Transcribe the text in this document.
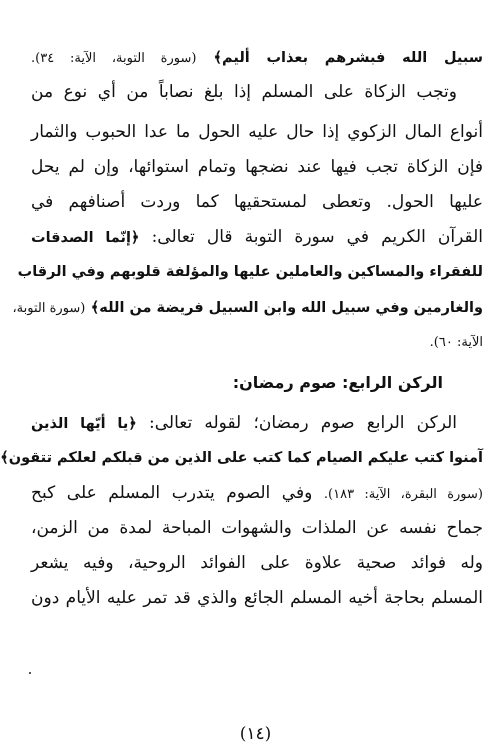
سبيل الله فبشرهم بعذاب أليم﴾ (سورة التوبة، الآية: ٣٤).
وتجب الزكاة على المسلم إذا بلغ نصاباً من أي نوع من
أنواع المال الزكوي إذا حال عليه الحول ما عدا الحبوب والثمار
فإن الزكاة تجب فيها عند نضجها وتمام استوائها، وإن لم يحل
عليها الحول. وتعطى لمستحقيها كما وردت أصنافهم في
القرآن الكريم في سورة التوبة قال تعالى: ﴿إنّما الصدقات
للفقراء والمساكين والعاملين عليها والمؤلفة قلوبهم وفي الرقاب
والغارمين وفي سبيل الله وابن السبيل فريضة من الله﴾ (سورة التوبة،
الآية: ٦٠).
الركن الرابع: صوم رمضان:
الركن الرابع صوم رمضان؛ لقوله تعالى: ﴿يا أيّها الذين
آمنوا كتب عليكم الصيام كما كتب على الذين من قبلكم لعلكم تتقون﴾
(سورة البقرة، الآية: ١٨٣). وفي الصوم يتدرب المسلم على كبح
جماح نفسه عن الملذات والشهوات المباحة لمدة من الزمن،
وله فوائد صحية علاوة على الفوائد الروحية، وفيه يشعر
المسلم بحاجة أخيه المسلم الجائع والذي قد تمر عليه الأيام دون
(١٤)
